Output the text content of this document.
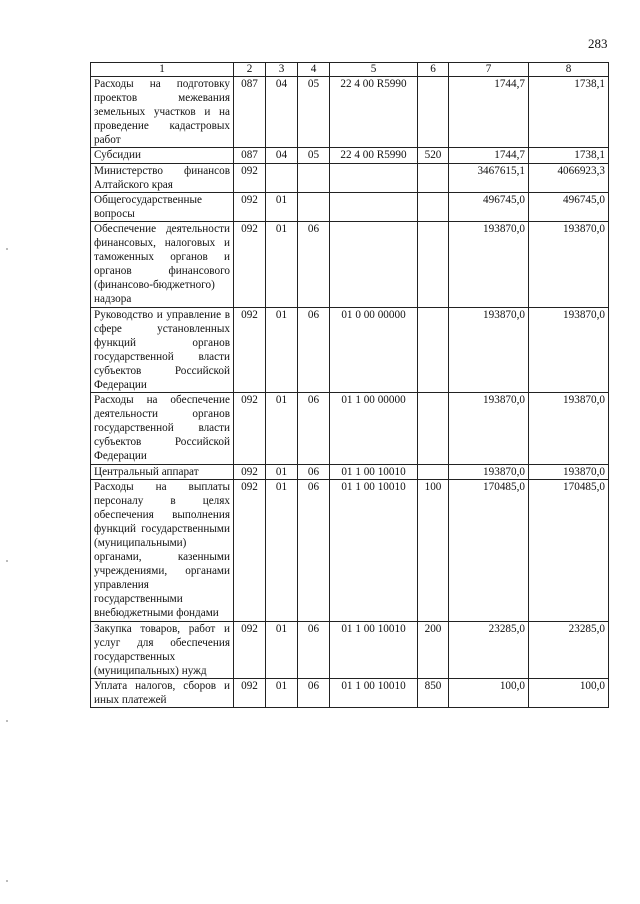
283
1	2	3	4	5	6	7	8
Расходы на подготовку проектов межевания земельных участков и на проведение кадастровых работ	087	04	05	22 4 00 R5990		1744,7	1738,1
Субсидии	087	04	05	22 4 00 R5990	520	1744,7	1738,1
Министерство финансов Алтайского края	092					3467615,1	4066923,3
Общегосударственные вопросы	092	01				496745,0	496745,0
Обеспечение деятельности финансовых, налоговых и таможенных органов и органов финансового (финансово-бюджетного) надзора	092	01	06			193870,0	193870,0
Руководство и управление в сфере установленных функций органов государственной власти субъектов Российской Федерации	092	01	06	01 0 00 00000		193870,0	193870,0
Расходы на обеспечение деятельности органов государственной власти субъектов Российской Федерации	092	01	06	01 1 00 00000		193870,0	193870,0
Центральный аппарат	092	01	06	01 1 00 10010		193870,0	193870,0
Расходы на выплаты персоналу в целях обеспечения выполнения функций государственными (муниципальными) органами, казенными учреждениями, органами управления государственными внебюджетными фондами	092	01	06	01 1 00 10010	100	170485,0	170485,0
Закупка товаров, работ и услуг для обеспечения государственных (муниципальных) нужд	092	01	06	01 1 00 10010	200	23285,0	23285,0
Уплата налогов, сборов и иных платежей	092	01	06	01 1 00 10010	850	100,0	100,0
